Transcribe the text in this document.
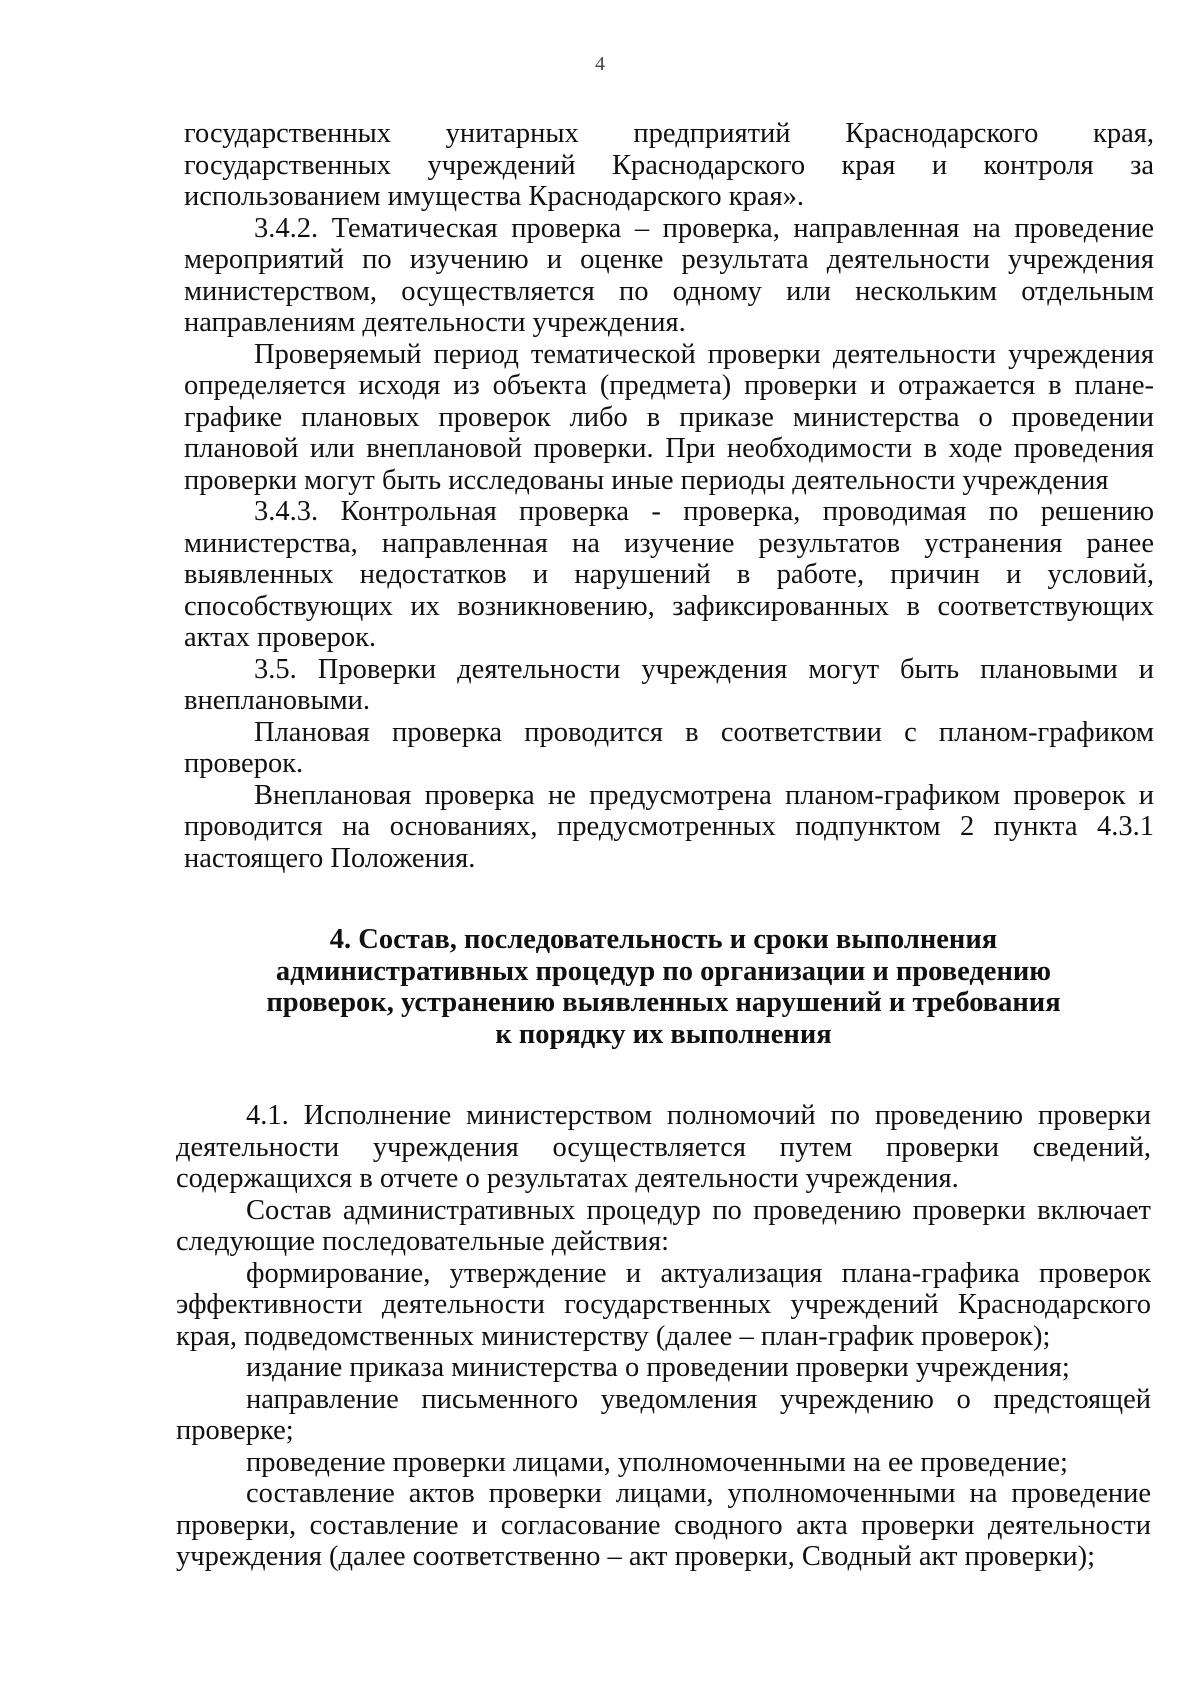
4

государственных унитарных предприятий Краснодарского края, государственных учреждений Краснодарского края и контроля за использованием имущества Краснодарского края».

3.4.2. Тематическая проверка – проверка, направленная на проведение мероприятий по изучению и оценке результата деятельности учреждения министерством, осуществляется по одному или нескольким отдельным направлениям деятельности учреждения.

Проверяемый период тематической проверки деятельности учреждения определяется исходя из объекта (предмета) проверки и отражается в плане-графике плановых проверок либо в приказе министерства о проведении плановой или внеплановой проверки. При необходимости в ходе проведения проверки могут быть исследованы иные периоды деятельности учреждения

3.4.3. Контрольная проверка - проверка, проводимая по решению министерства, направленная на изучение результатов устранения ранее выявленных недостатков и нарушений в работе, причин и условий, способствующих их возникновению, зафиксированных в соответствующих актах проверок.

3.5. Проверки деятельности учреждения могут быть плановыми и внеплановыми.

Плановая проверка проводится в соответствии с планом-графиком проверок.

Внеплановая проверка не предусмотрена планом-графиком проверок и проводится на основаниях, предусмотренных подпунктом 2 пункта 4.3.1 настоящего Положения.

4. Состав, последовательность и сроки выполнения
административных процедур по организации и проведению
проверок, устранению выявленных нарушений и требования
к порядку их выполнения

4.1. Исполнение министерством полномочий по проведению проверки деятельности учреждения осуществляется путем проверки сведений, содержащихся в отчете о результатах деятельности учреждения.

Состав административных процедур по проведению проверки включает следующие последовательные действия:

формирование, утверждение и актуализация плана-графика проверок эффективности деятельности государственных учреждений Краснодарского края, подведомственных министерству (далее – план-график проверок);

издание приказа министерства о проведении проверки учреждения;

направление письменного уведомления учреждению о предстоящей проверке;

проведение проверки лицами, уполномоченными на ее проведение;

составление актов проверки лицами, уполномоченными на проведение проверки, составление и согласование сводного акта проверки деятельности учреждения (далее соответственно – акт проверки, Сводный акт проверки);
